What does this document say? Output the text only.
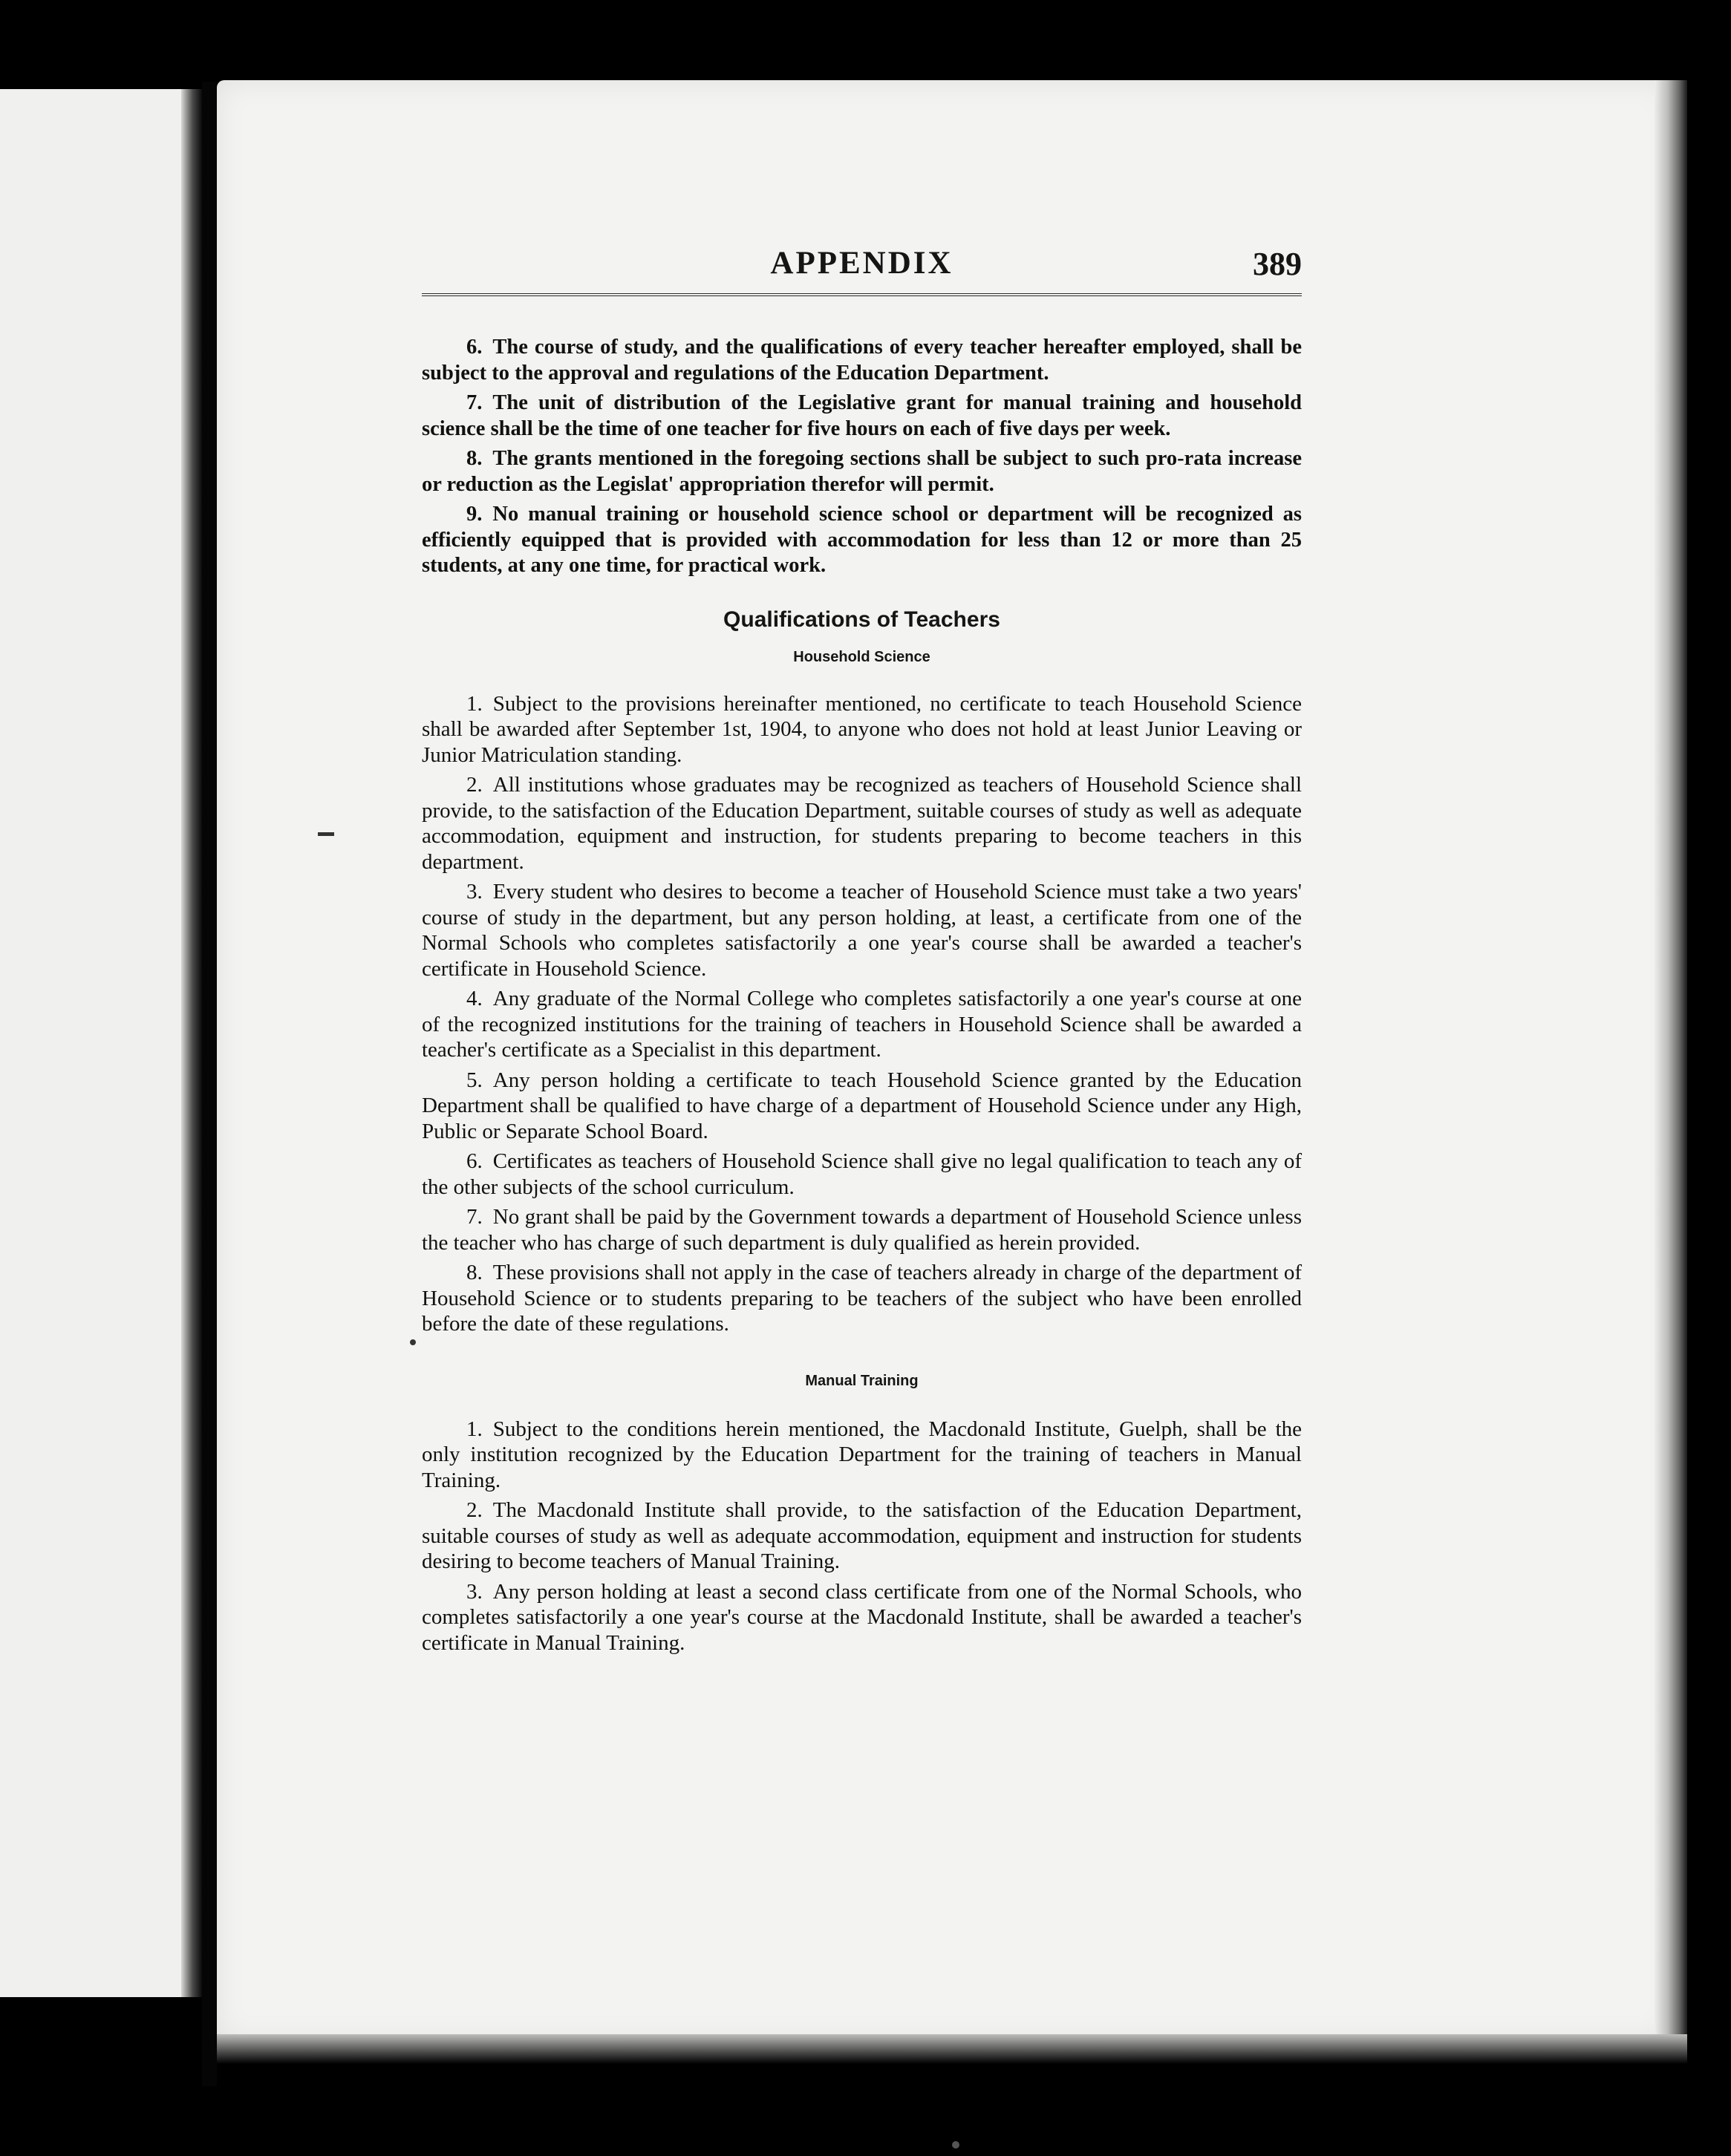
APPENDIX	389

6. The course of study, and the qualifications of every teacher hereafter employed, shall be subject to the approval and regulations of the Education Department.

7. The unit of distribution of the Legislative grant for manual training and household science shall be the time of one teacher for five hours on each of five days per week.

8. The grants mentioned in the foregoing sections shall be subject to such pro-rata increase or reduction as the Legislat' appropriation therefor will permit.

9. No manual training or household science school or department will be recognized as efficiently equipped that is provided with accommodation for less than 12 or more than 25 students, at any one time, for practical work.

Qualifications of Teachers
Household Science

1. Subject to the provisions hereinafter mentioned, no certificate to teach Household Science shall be awarded after September 1st, 1904, to anyone who does not hold at least Junior Leaving or Junior Matriculation standing.

2. All institutions whose graduates may be recognized as teachers of Household Science shall provide, to the satisfaction of the Education Department, suitable courses of study as well as adequate accommodation, equipment and instruction, for students preparing to become teachers in this department.

3. Every student who desires to become a teacher of Household Science must take a two years' course of study in the department, but any person holding, at least, a certificate from one of the Normal Schools who completes satisfactorily a one year's course shall be awarded a teacher's certificate in Household Science.

4. Any graduate of the Normal College who completes satisfactorily a one year's course at one of the recognized institutions for the training of teachers in Household Science shall be awarded a teacher's certificate as a Specialist in this department.

5. Any person holding a certificate to teach Household Science granted by the Education Department shall be qualified to have charge of a department of Household Science under any High, Public or Separate School Board.

6. Certificates as teachers of Household Science shall give no legal qualification to teach any of the other subjects of the school curriculum.

7. No grant shall be paid by the Government towards a department of Household Science unless the teacher who has charge of such department is duly qualified as herein provided.

8. These provisions shall not apply in the case of teachers already in charge of the department of Household Science or to students preparing to be teachers of the subject who have been enrolled before the date of these regulations.

Manual Training

1. Subject to the conditions herein mentioned, the Macdonald Institute, Guelph, shall be the only institution recognized by the Education Department for the training of teachers in Manual Training.

2. The Macdonald Institute shall provide, to the satisfaction of the Education Department, suitable courses of study as well as adequate accommodation, equipment and instruction for students desiring to become teachers of Manual Training.

3. Any person holding at least a second class certificate from one of the Normal Schools, who completes satisfactorily a one year's course at the Macdonald Institute, shall be awarded a teacher's certificate in Manual Training.
